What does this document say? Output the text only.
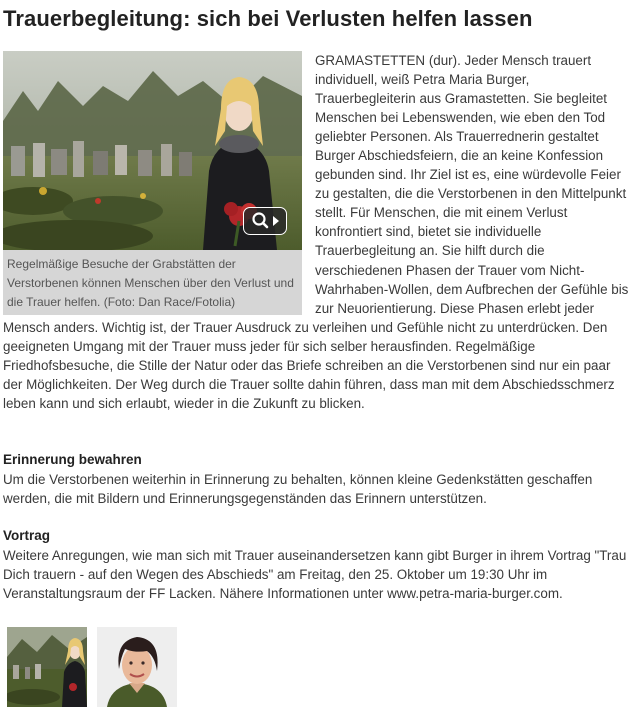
Trauerbegleitung: sich bei Verlusten helfen lassen

GRAMASTETTEN (dur). Jeder Mensch trauert individuell, weiß Petra Maria Burger, Trauerbegleiterin aus Gramastetten. Sie begleitet Menschen bei Lebenswenden, wie eben den Tod geliebter Personen. Als Trauerrednerin gestaltet Burger Abschiedsfeiern, die an keine Konfession gebunden sind. Ihr Ziel ist es, eine würdevolle Feier zu gestalten, die die Verstorbenen in den Mittelpunkt stellt. Für Menschen, die mit einem Verlust konfrontiert sind, bietet sie individuelle Trauerbegleitung an. Sie hilft durch die verschiedenen Phasen der Trauer vom Nicht-Wahrhaben-Wollen, dem Aufbrechen der Gefühle bis zur Neuorientierung. Diese Phasen erlebt jeder Mensch anders. Wichtig ist, der Trauer Ausdruck zu verleihen und Gefühle nicht zu unterdrücken. Den geeigneten Umgang mit der Trauer muss jeder für sich selber herausfinden. Regelmäßige Friedhofsbesuche, die Stille der Natur oder das Briefe schreiben an die Verstorbenen sind nur ein paar der Möglichkeiten. Der Weg durch die Trauer sollte dahin führen, dass man mit dem Abschiedsschmerz leben kann und sich erlaubt, wieder in die Zukunft zu blicken.

Regelmäßige Besuche der Grabstätten der Verstorbenen können Menschen über den Verlust und die Trauer helfen. (Foto: Dan Race/Fotolia)
Erinnerung bewahren

Um die Verstorbenen weiterhin in Erinnerung zu behalten, können kleine Gedenkstätten geschaffen werden, die mit Bildern und Erinnerungsgegenständen das Erinnern unterstützen.

Vortrag

Weitere Anregungen, wie man sich mit Trauer auseinandersetzen kann gibt Burger in ihrem Vortrag "Trau Dich trauern - auf den Wegen des Abschieds" am Freitag, den 25. Oktober um 19:30 Uhr im Veranstaltungsraum der FF Lacken. Nähere Informationen unter www.petra-maria-burger.com.
